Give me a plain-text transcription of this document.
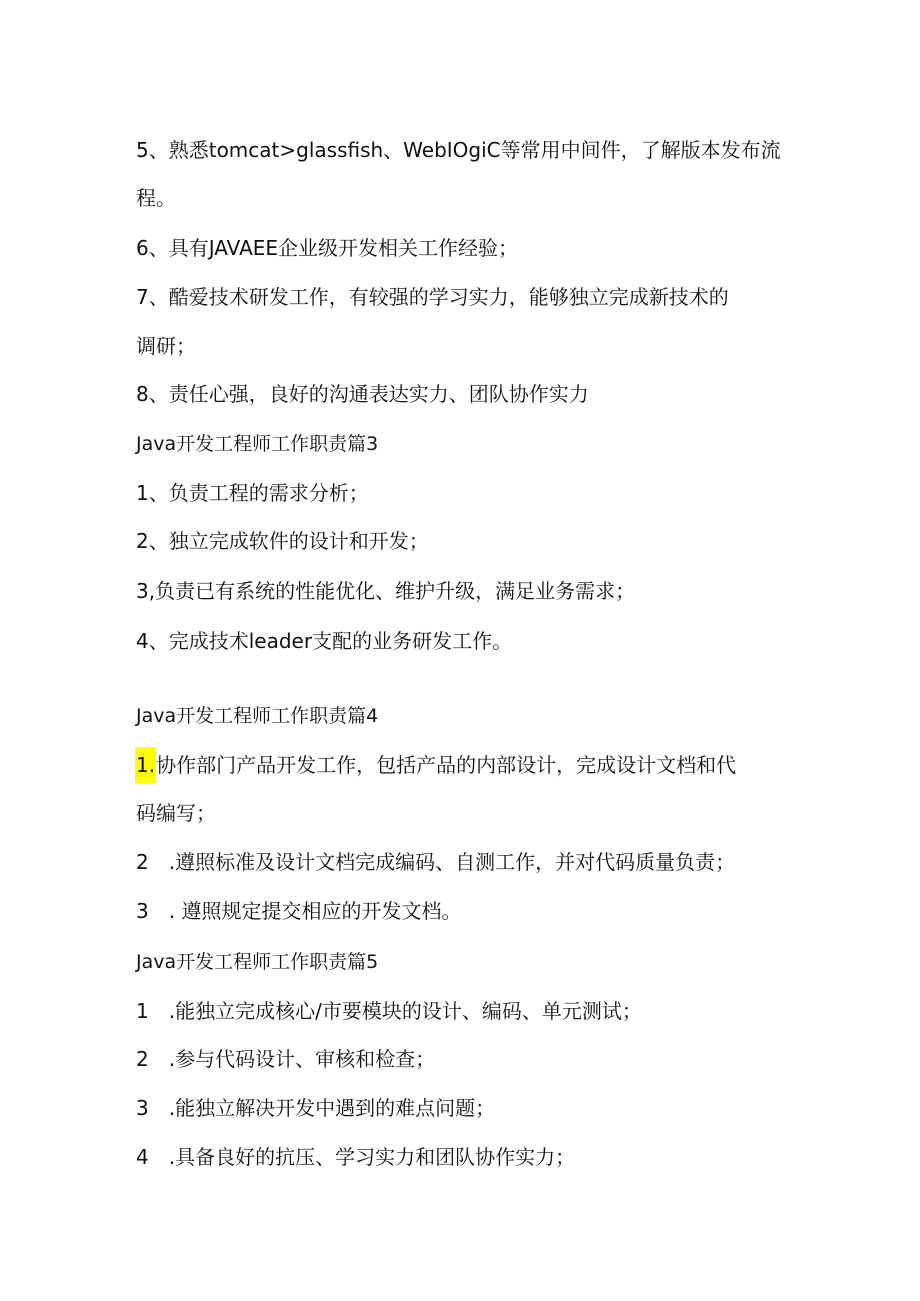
5、熟悉tomcat>glassfish、WebIOgiC等常用中间件，了解版本发布流
程。
6、具有JAVAEE企业级开发相关工作经验；
7、酷爱技术研发工作，有较强的学习实力，能够独立完成新技术的
调研；
8、责任心强，良好的沟通表达实力、团队协作实力
Java开发工程师工作职责篇3
1、负责工程的需求分析；
2、独立完成软件的设计和开发；
3,负责已有系统的性能优化、维护升级，满足业务需求；
4、完成技术leader支配的业务研发工作。
Java开发工程师工作职责篇4
1.协作部门产品开发工作，包括产品的内部设计，完成设计文档和代
码编写；
2　.遵照标准及设计文档完成编码、自测工作，并对代码质量负责；
3　. 遵照规定提交相应的开发文档。
Java开发工程师工作职责篇5
1　.能独立完成核心/市要模块的设计、编码、单元测试；
2　.参与代码设计、审核和检查；
3　.能独立解决开发中遇到的难点问题；
4　.具备良好的抗压、学习实力和团队协作实力；
